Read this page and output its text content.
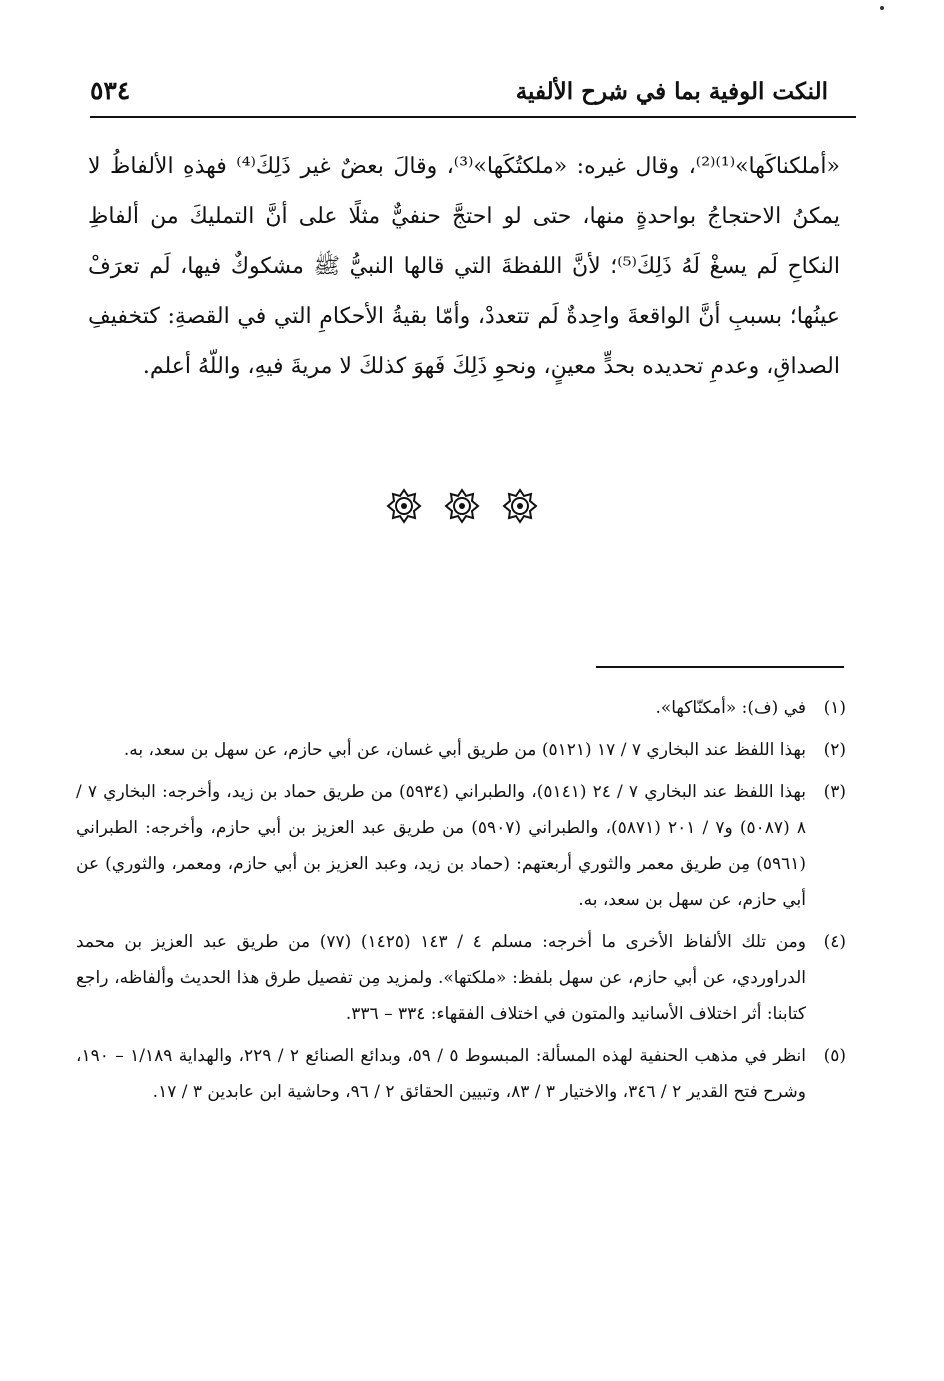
٥٣٤	النكت الوفية بما في شرح الألفية

«أملكناكَها»⁽¹⁾⁽²⁾، وقال غيره: «ملكتُكَها»⁽³⁾، وقالَ بعضٌ غير ذَلِكَ⁽⁴⁾ فهذهِ الألفاظُ لا يمكنُ الاحتجاجُ بواحدةٍ منها، حتى لو احتجَّ حنفيٌّ مثلًا على أنَّ التمليكَ من ألفاظِ النكاحِ لَم يسغْ لَهُ ذَلِكَ⁽⁵⁾؛ لأنَّ اللفظةَ التي قالها النبيُّ ﷺ مشكوكٌ فيها، لَم تعرَفْ عينُها؛ بسببِ أنَّ الواقعةَ واحِدةٌ لَم تتعددْ، وأمّا بقيةُ الأحكامِ التي في القصةِ: كتخفيفِ الصداقِ، وعدمِ تحديده بحدٍّ معينٍ، ونحوِ ذَلِكَ فَهوَ كذلكَ لا مريةَ فيهِ، واللّهُ أعلم.

(١)
في (ف): «أمكنّاكها».

(٢)
بهذا اللفظ عند البخاري ٧ / ١٧ (٥١٢١) من طريق أبي غسان، عن أبي حازم، عن سهل بن سعد، به.

(٣)
بهذا اللفظ عند البخاري ٧ / ٢٤ (٥١٤١)، والطبراني (٥٩٣٤) من طريق حماد بن زيد، وأخرجه: البخاري ٧ / ٨ (٥٠٨٧) و٧ / ٢٠١ (٥٨٧١)، والطبراني (٥٩٠٧) من طريق عبد العزيز بن أبي حازم، وأخرجه: الطبراني (٥٩٦١) مِن طريق معمر والثوري أربعتهم: (حماد بن زيد، وعبد العزيز بن أبي حازم، ومعمر، والثوري) عن أبي حازم، عن سهل بن سعد، به.

(٤)
ومن تلك الألفاظ الأخرى ما أخرجه: مسلم ٤ / ١٤٣ (١٤٢٥) (٧٧) من طريق عبد العزيز بن محمد الدراوردي، عن أبي حازم، عن سهل بلفظ: «ملكتها». ولمزيد مِن تفصيل طرق هذا الحديث وألفاظه، راجع كتابنا: أثر اختلاف الأسانيد والمتون في اختلاف الفقهاء: ٣٣٤ – ٣٣٦.

(٥)
انظر في مذهب الحنفية لهذه المسألة: المبسوط ٥ / ٥٩، وبدائع الصنائع ٢ / ٢٢٩، والهداية ١/١٨٩ – ١٩٠، وشرح فتح القدير ٢ / ٣٤٦، والاختيار ٣ / ٨٣، وتبيين الحقائق ٢ / ٩٦، وحاشية ابن عابدين ٣ / ١٧.
